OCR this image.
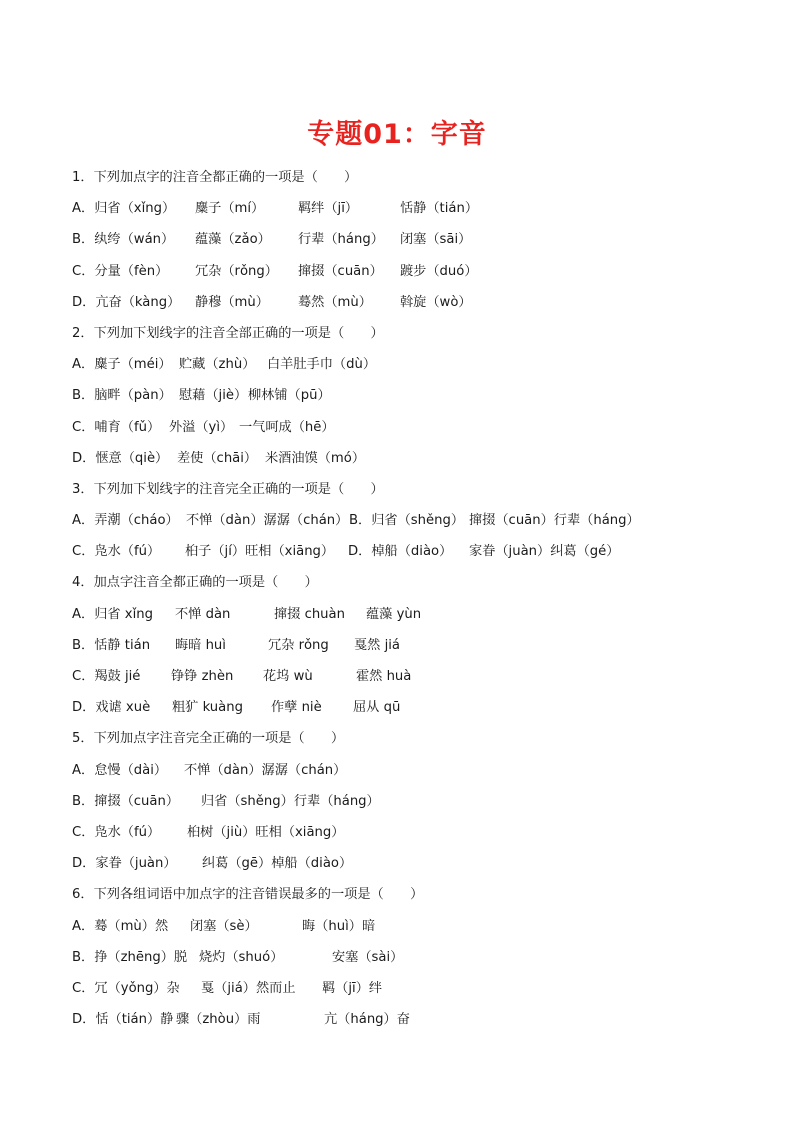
专题01：字音
1．下列加点字的注音全都正确的一项是（　　）
A．归省（xǐng） 麋子（mí）	羁绊（jī）	恬静（tián）
B．纨绔（wán） 蕴藻（zǎo） 行辈（háng） 闭塞（sāi）
C．分量（fèn） 冗杂（rǒng） 撺掇（cuān） 踱步（duó）
D．亢奋（kàng） 静穆（mù） 蓦然（mù） 斡旋（wò）
2．下列加下划线字的注音全部正确的一项是（　　）
A．麋子（méi） 贮藏（zhù） 白羊肚手巾（dù）
B．脑畔（pàn） 慰藉（jiè） 柳林铺（pū）
C．哺育（fǔ） 外溢（yì） 一气呵成（hē）
D．惬意（qiè） 差使（chāi） 米酒油馍（mó）
3．下列加下划线字的注音完全正确的一项是（　　）
A．弄潮（cháo） 不惮（dàn）潺潺（chán） B．归省（shěng） 撺掇（cuān）行辈（háng）
C．凫水（fú） 桕子（jí）旺相（xiāng） D．棹船（diào） 家眷（juàn）纠葛（gé）
4．加点字注音全都正确的一项是（　　）
A．归省 xǐng 不惮 dàn	撺掇 chuàn 蕴藻 yùn
B．恬静 tián 晦暗 huì	冗杂 rǒng 戛然 jiá
C．羯鼓 jié 铮铮 zhèn 花坞 wù	霍然 huà
D．戏谑 xuè 粗犷 kuàng 作孽 niè 屈从 qū
5．下列加点字注音完全正确的一项是（　　）
A．怠慢（dài） 不惮（dàn）潺潺（chán）
B．撺掇（cuān） 归省（shěng）行辈（háng）
C．凫水（fú） 桕树（jiù）旺相（xiāng）
D．家眷（juàn） 纠葛（gē）棹船（diào）
6．下列各组词语中加点字的注音错误最多的一项是（　　）
A．蓦（mù）然 闭塞（sè）	晦（huì）暗
B．挣（zhēng）脱 烧灼（shuó）	安塞（sài）
C．冗（yǒng）杂 戛（jiá）然而止 羁（jī）绊
D．恬（tián）静 骤（zhòu）雨	亢（háng）奋
